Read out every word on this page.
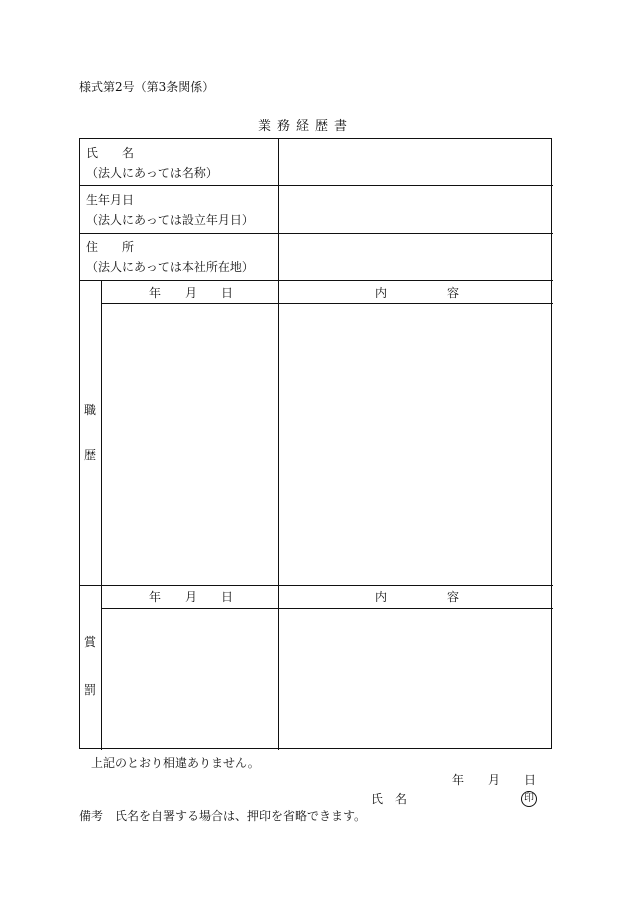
様式第2号（第3条関係）
業務経歴書
氏　　名
（法人にあっては名称）
生年月日
（法人にあっては設立年月日）
住　　所
（法人にあっては本社所在地）
職
歴
年　　月　　日	内　　　　　容
賞
罰
年　　月　　日	内　　　　　容
上記のとおり相違ありません。
年　　月　　日
氏　名	印
備考　氏名を自署する場合は、押印を省略できます。
